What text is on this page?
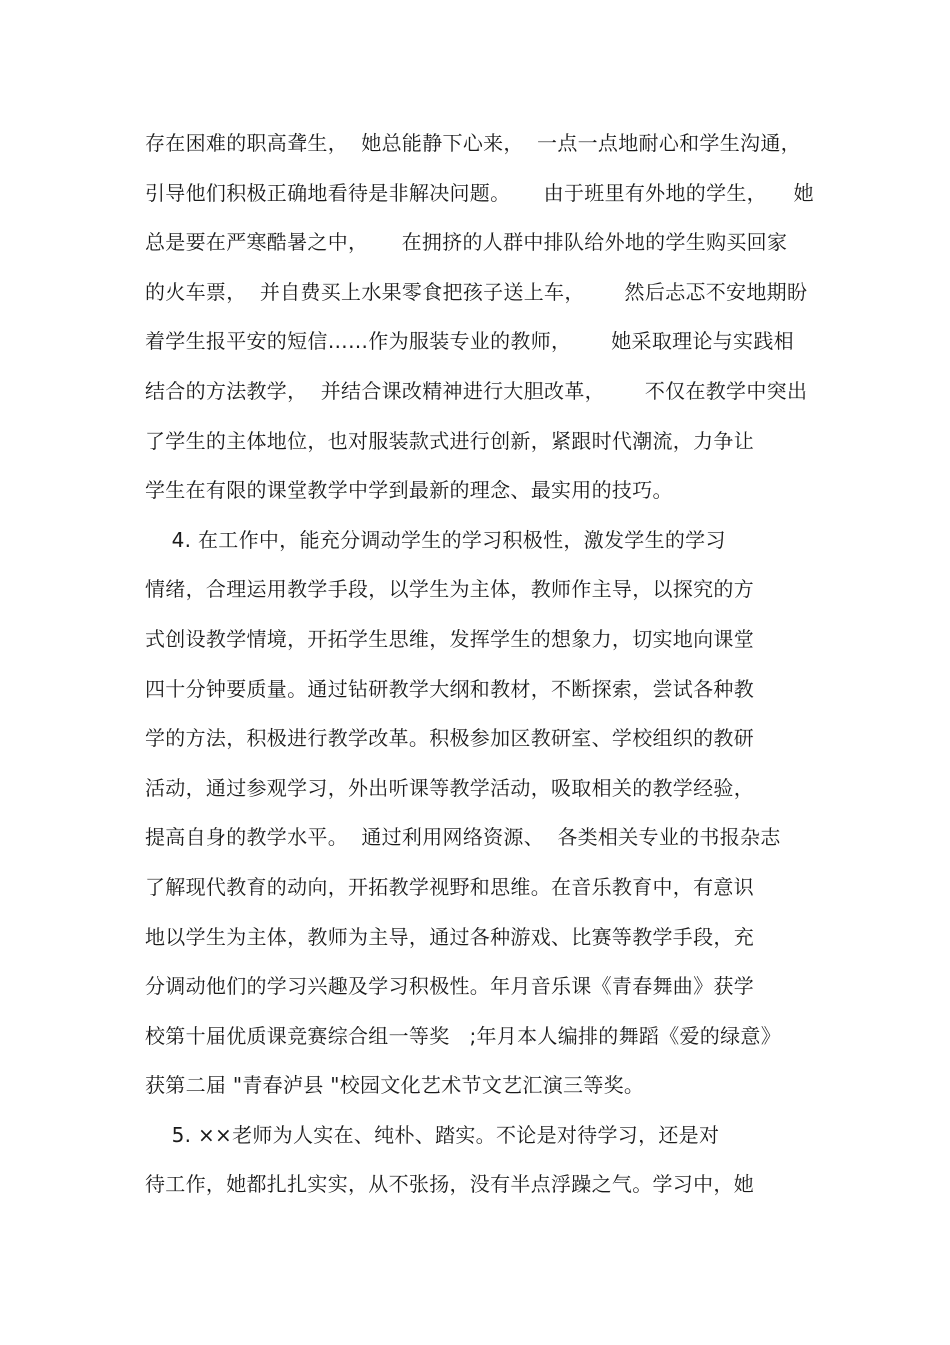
存在困难的职高聋生，  她总能静下心来，  一点一点地耐心和学生沟通，
引导他们积极正确地看待是非解决问题。     由于班里有外地的学生，    她
总是要在严寒酷暑之中，     在拥挤的人群中排队给外地的学生购买回家
的火车票，  并自费买上水果零食把孩子送上车，      然后忐忑不安地期盼
着学生报平安的短信……作为服装专业的教师，      她采取理论与实践相
结合的方法教学，  并结合课改精神进行大胆改革，      不仅在教学中突出
了学生的主体地位，也对服装款式进行创新，紧跟时代潮流，力争让
学生在有限的课堂教学中学到最新的理念、最实用的技巧。
4. 在工作中，能充分调动学生的学习积极性，激发学生的学习
情绪，合理运用教学手段，以学生为主体，教师作主导，以探究的方
式创设教学情境，开拓学生思维，发挥学生的想象力，切实地向课堂
四十分钟要质量。通过钻研教学大纲和教材，不断探索，尝试各种教
学的方法，积极进行教学改革。积极参加区教研室、学校组织的教研
活动，通过参观学习，外出听课等教学活动，吸取相关的教学经验，
提高自身的教学水平。  通过利用网络资源、  各类相关专业的书报杂志
了解现代教育的动向，开拓教学视野和思维。在音乐教育中，有意识
地以学生为主体，教师为主导，通过各种游戏、比赛等教学手段，充
分调动他们的学习兴趣及学习积极性。年月音乐课《青春舞曲》获学
校第十届优质课竞赛综合组一等奖   ;年月本人编排的舞蹈《爱的绿意》
获第二届 "青春泸县 "校园文化艺术节文艺汇演三等奖。
5. ××老师为人实在、纯朴、踏实。不论是对待学习，还是对
待工作，她都扎扎实实，从不张扬，没有半点浮躁之气。学习中，她
